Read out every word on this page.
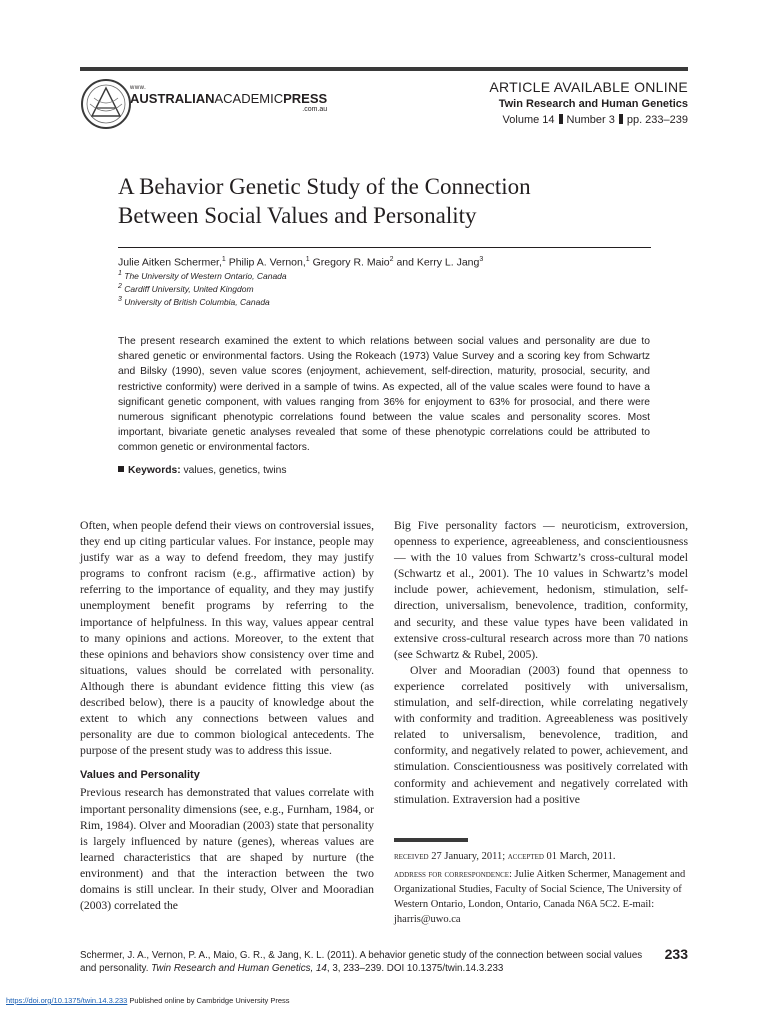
www.
AUSTRALIANACADEMICPRESS
.com.au
ARTICLE AVAILABLE ONLINE
Twin Research and Human Genetics
Volume 14 Number 3 pp. 233–239
A Behavior Genetic Study of the Connection
Between Social Values and Personality
Julie Aitken Schermer,$^1$ Philip A. Vernon,$^1$ Gregory R. Maio$^2$ and Kerry L. Jang$^3$
$^1$ The University of Western Ontario, Canada
$^2$ Cardiff University, United Kingdom
$^3$ University of British Columbia, Canada
The present research examined the extent to which relations between social values and personality are due to shared genetic or environmental factors. Using the Rokeach (1973) Value Survey and a scoring key from Schwartz and Bilsky (1990), seven value scores (enjoyment, achievement, self-direction, maturity, prosocial, security, and restrictive conformity) were derived in a sample of twins. As expected, all of the value scales were found to have a significant genetic component, with values ranging from 36% for enjoyment to 63% for prosocial, and there were numerous significant phenotypic correlations found between the value scales and personality scores. Most important, bivariate genetic analyses revealed that some of these phenotypic correlations could be attributed to common genetic or environmental factors.
Keywords: values, genetics, twins

Often, when people defend their views on controversial issues, they end up citing particular values. For instance, people may justify war as a way to defend freedom, they may justify programs to confront racism (e.g., affirmative action) by referring to the importance of equality, and they may justify unemployment benefit programs by referring to the importance of helpfulness. In this way, values appear central to many opinions and actions. Moreover, to the extent that these opinions and behaviors show consistency over time and situations, values should be correlated with personality. Although there is abundant evidence fitting this view (as described below), there is a paucity of knowledge about the extent to which any connections between values and personality are due to common biological antecedents. The purpose of the present study was to address this issue.

Values and Personality

Previous research has demonstrated that values correlate with important personality dimensions (see, e.g., Furnham, 1984, or Rim, 1984). Olver and Mooradian (2003) state that personality is largely influenced by nature (genes), whereas values are learned characteristics that are shaped by nurture (the environment) and that the interaction between the two domains is still unclear. In their study, Olver and Mooradian (2003) correlated the

Big Five personality factors — neuroticism, extroversion, openness to experience, agreeableness, and conscientiousness — with the 10 values from Schwartz’s cross-cultural model (Schwartz et al., 2001). The 10 values in Schwartz’s model include power, achievement, hedonism, stimulation, self-direction, universalism, benevolence, tradition, conformity, and security, and these value types have been validated in extensive cross-cultural research across more than 70 nations (see Schwartz & Rubel, 2005).

Olver and Mooradian (2003) found that openness to experience correlated positively with universalism, stimulation, and self-direction, while correlating negatively with conformity and tradition. Agreeableness was positively related to universalism, benevolence, tradition, and conformity, and negatively related to power, achievement, and stimulation. Conscientiousness was positively correlated with conformity and achievement and negatively correlated with stimulation. Extraversion had a positive

received 27 January, 2011; accepted 01 March, 2011.

address for correspondence: Julie Aitken Schermer, Management and Organizational Studies, Faculty of Social Science, The University of Western Ontario, London, Ontario, Canada N6A 5C2. E-mail: jharris@uwo.ca

Schermer, J. A., Vernon, P. A., Maio, G. R., & Jang, K. L. (2011). A behavior genetic study of the connection between social values and personality. Twin Research and Human Genetics, 14, 3, 233–239. DOI 10.1375/twin.14.3.233
233
https://doi.org/10.1375/twin.14.3.233 Published online by Cambridge University Press
